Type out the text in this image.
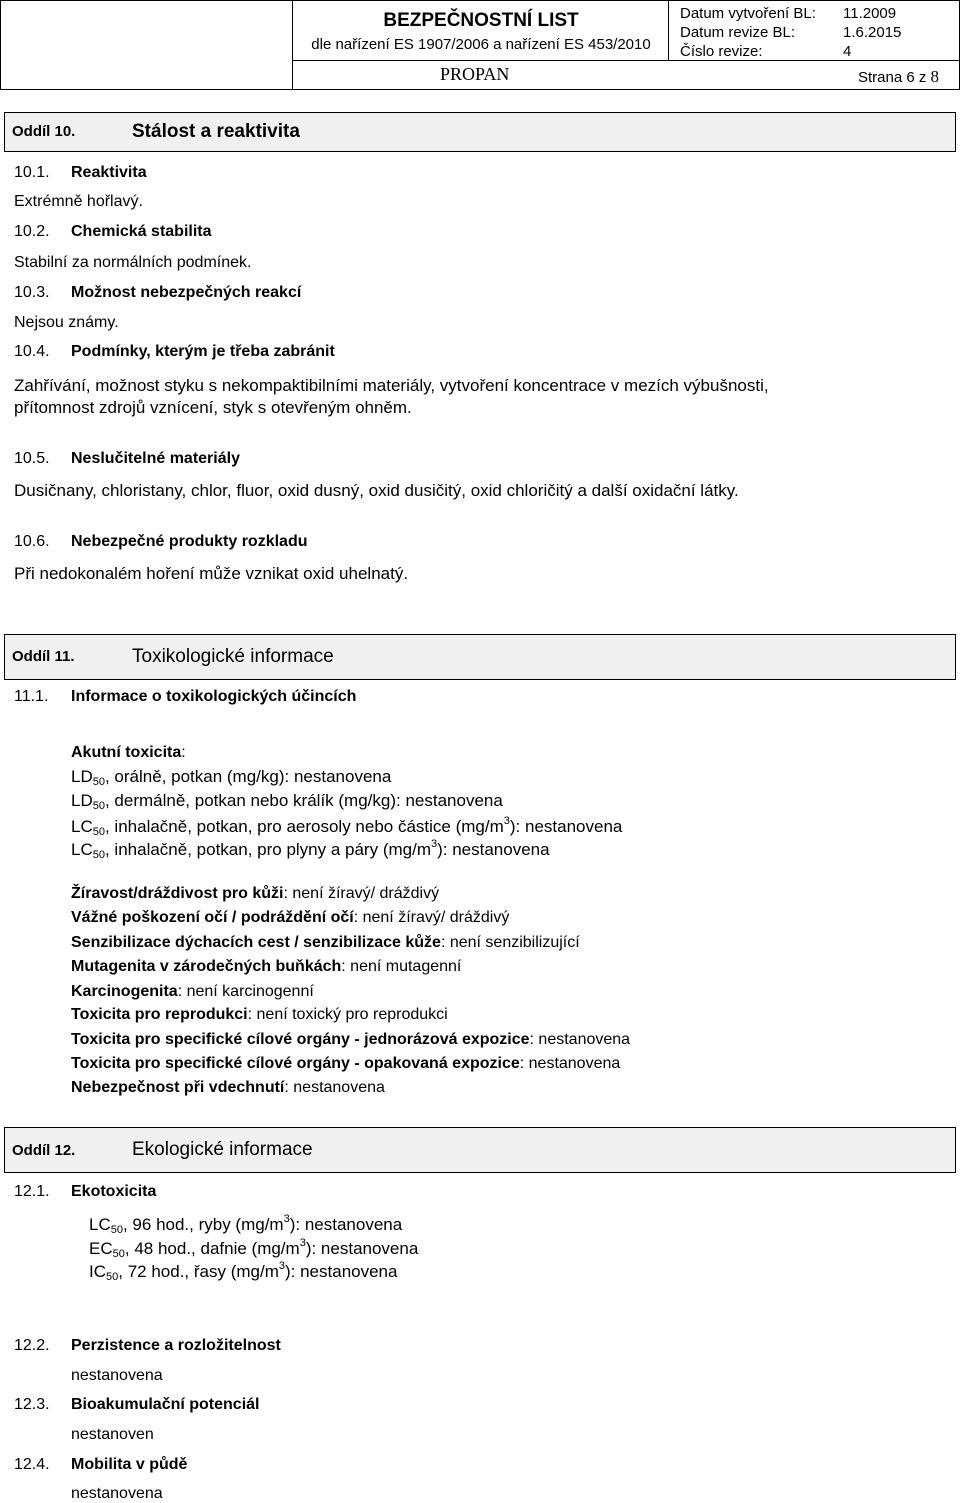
BEZPEČNOSTNÍ LIST
dle nařízení ES 1907/2006 a nařízení ES 453/2010
Datum vytvoření BL: 11.2009
Datum revize BL:	1.6.2015
Číslo revize:	4
PROPAN	Strana 6 z 8
Oddíl 10.	Stálost a reaktivita
10.1. Reaktivita
Extrémně hořlavý.
10.2. Chemická stabilita
Stabilní za normálních podmínek.
10.3. Možnost nebezpečných reakcí
Nejsou známy.
10.4. Podmínky, kterým je třeba zabránit
Zahřívání, možnost styku s nekompaktibilními materiály, vytvoření koncentrace v mezích výbušnosti,
přítomnost zdrojů vznícení, styk s otevřeným ohněm.
10.5. Neslučitelné materiály
Dusičnany, chloristany, chlor, fluor, oxid dusný, oxid dusičitý, oxid chloričitý a další oxidační látky.
10.6. Nebezpečné produkty rozkladu
Při nedokonalém hoření může vznikat oxid uhelnatý.
Oddíl 11.	Toxikologické informace
11.1. Informace o toxikologických účincích
Akutní toxicita:
$LD_{50}$, orálně, potkan (mg/kg): nestanovena
$LD_{50}$, dermálně, potkan nebo králík (mg/kg): nestanovena
$LC_{50}$, inhalačně, potkan, pro aerosoly nebo částice $(mg/m^3)$: nestanovena
$LC_{50}$, inhalačně, potkan, pro plyny a páry $(mg/m^3)$: nestanovena
Žíravost/dráždivost pro kůži: není žíravý/ dráždivý
Vážné poškození očí / podráždění očí: není žíravý/ dráždivý
Senzibilizace dýchacích cest / senzibilizace kůže: není senzibilizující
Mutagenita v zárodečných buňkách: není mutagenní
Karcinogenita: není karcinogenní
Toxicita pro reprodukci: není toxický pro reprodukci
Toxicita pro specifické cílové orgány - jednorázová expozice: nestanovena
Toxicita pro specifické cílové orgány - opakovaná expozice: nestanovena
Nebezpečnost při vdechnutí: nestanovena
Oddíl 12.	Ekologické informace
12.1. Ekotoxicita
$LC_{50}$, 96 hod., ryby $(mg/m^3)$: nestanovena
$EC_{50}$, 48 hod., dafnie $(mg/m^3)$: nestanovena
$IC_{50}$, 72 hod., řasy $(mg/m^3)$: nestanovena
12.2. Perzistence a rozložitelnost
nestanovena
12.3. Bioakumulační potenciál
nestanoven
12.4. Mobilita v půdě
nestanovena
